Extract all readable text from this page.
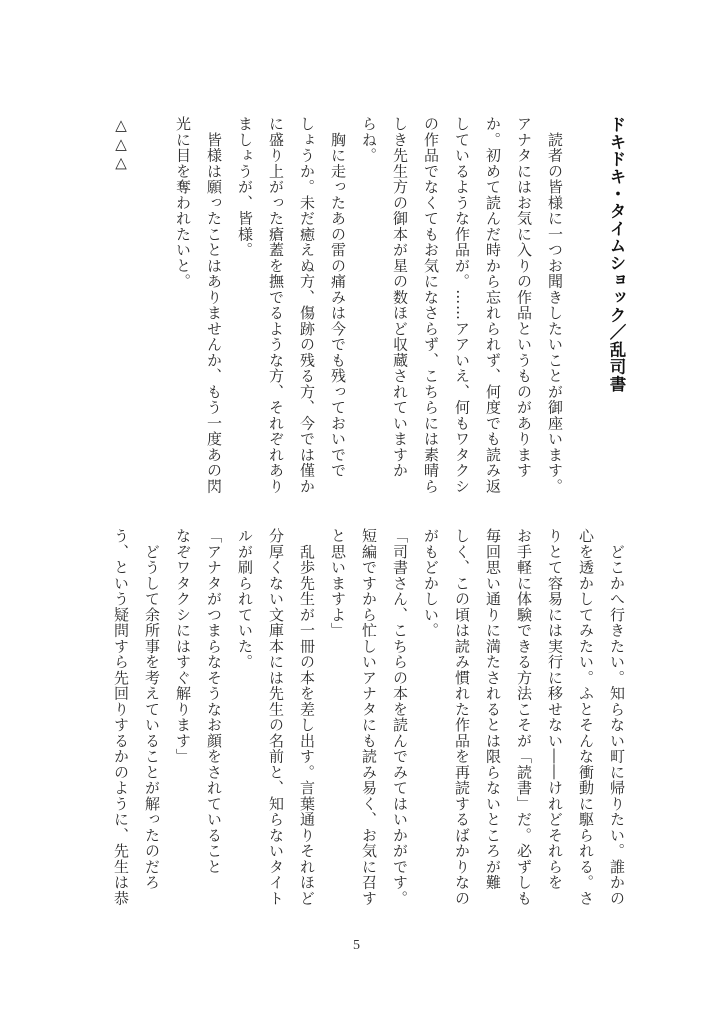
ドキドキ・タイムショック／乱司書
　読者の皆様に一つお聞きしたいことが御座います。
アナタにはお気に入りの作品というものがあります
か。初めて読んだ時から忘れられず、何度でも読み返
しているような作品が。……アアいえ、何もワタクシ
の作品でなくてもお気になさらず、こちらには素晴ら
しき先生方の御本が星の数ほど収蔵されていますか
らね。
　胸に走ったあの雷の痛みは今でも残っておいでで
しょうか。未だ癒えぬ方、傷跡の残る方、今では僅か
に盛り上がった瘡蓋を撫でるような方、それぞれあり
ましょうが、皆様。
　皆様は願ったことはありませんか、もう一度あの閃
光に目を奪われたいと。
△△△
　どこかへ行きたい。知らない町に帰りたい。誰かの
心を透かしてみたい。ふとそんな衝動に駆られる。さ
りとて容易には実行に移せない――けれどそれらを
お手軽に体験できる方法こそが「読書」だ。必ずしも
毎回思い通りに満たされるとは限らないところが難
しく、この頃は読み慣れた作品を再読するばかりなの
がもどかしい。
「司書さん、こちらの本を読んでみてはいかがです。
短編ですから忙しいアナタにも読み易く、お気に召す
と思いますよ」
　乱歩先生が一冊の本を差し出す。言葉通りそれほど
分厚くない文庫本には先生の名前と、知らないタイト
ルが刷られていた。
「アナタがつまらなそうなお顔をされていること
なぞワタクシにはすぐ解ります」
　どうして余所事を考えていることが解ったのだろ
う、という疑問すら先回りするかのように、先生は恭
5
